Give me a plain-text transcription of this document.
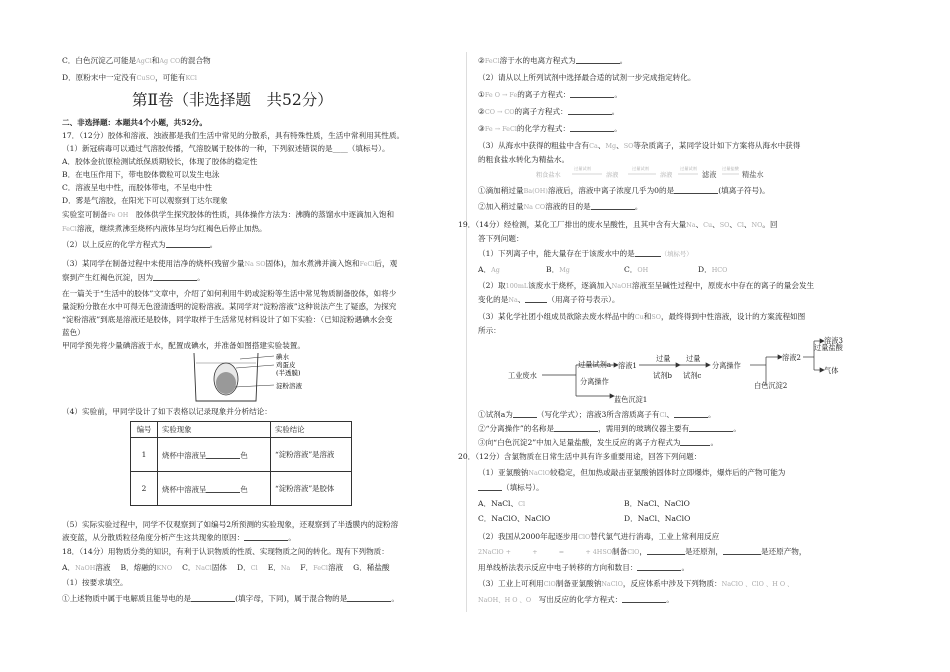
C．白色沉淀乙可能是AgCl和Ag CO的混合物
D．原粉末中一定没有CuSO，可能有KCl
第Ⅱ卷（非选择题　共52分）
二、非选择题：本题共4个小题，共52分。
17．（12分）胶体和溶液、浊液都是我们生活中常见的分散系，具有特殊性质，生活中常利用其性质。
（1）新冠病毒可以通过气溶胶传播，气溶胶属于胶体的一种，下列叙述错误的是____（填标号）。
A．胶体金抗原检测试纸保质期较长，体现了胶体的稳定性
B．在电压作用下，带电胶体微粒可以发生电泳
C．溶液呈电中性，而胶体带电，不呈电中性
D．雾是气溶胶，在阳光下可以观察到丁达尔现象
实验室可制备Fe OH　 胶体供学生探究胶体的性质，具体操作方法为：沸腾的蒸馏水中逐滴加入饱和
FeCl溶液，继续煮沸至烧杯内液体呈均匀红褐色后停止加热。
（2）以上反应的化学方程式为	。
（3）某同学在制备过程中未使用洁净的烧杯(残留少量Na SO固体)，加水煮沸并滴入饱和FeCl后，观
察到产生红褐色沉淀，因为	。
在一篇关于“生活中的胶体”文章中，介绍了如何利用牛奶或淀粉等生活中常见物质制备胶体，如将少
量淀粉分散在水中可得无色澄清透明的淀粉溶液。某同学对“淀粉溶液”这种说法产生了疑惑，为探究
“淀粉溶液”到底是溶液还是胶体，同学取样于生活常见材料设计了如下实验：（已知淀粉遇碘水会变
蓝色）
甲同学预先将少量碘溶液于水，配置成碘水，并准备如图搭建实验装置。
碘水
鸡蛋皮
(半透膜)
淀粉溶液
（4）实验前，甲同学设计了如下表格以记录现象并分析结论：
编号	实验现象	实验结论
1	烧杯中溶液呈 色	“淀粉溶液”是溶液
2	烧杯中溶液呈 色	“淀粉溶液”是胶体
（5）实际实验过程中，同学不仅观察到了如编号2所预测的实验现象，还观察到了半透膜内的淀粉溶
液变蓝，从分散质粒径角度分析产生这共现象的原因：	。
18．（14分）用物质分类的知识，有利于认识物质的性质、实现物质之间的转化。现有下列物质：
A．NaOH溶液　 B．熔融的KNO　 C．NaCl固体　 D．Cl　 E．Na　 F．FeCl溶液　 G．稀盐酸
（1）按要求填空。
①上述物质中属于电解质且能导电的是	(填字母，下同)，属于混合物的是	。
②FeCl溶于水的电离方程式为	。
（2）请从以上所列试剂中选择最合适的试剂一步完成指定转化。
①Fe O → Fe的离子方程式：	。
②CO → CO的离子方程式：	。
③Fe → FeCl的化学方程式：	。
（3）从海水中获得的粗盐中含有Ca、Mg、SO等杂质离子，某同学设计如下方案将从海水中获得
的粗食盐水转化为精盐水。
粗食盐水
过量试剂
溶液
过量试剂
溶液
过量试剂
滤液
过量盐酸
精盐水
①滴加稍过量Ba(OH)溶液后，溶液中离子浓度几乎为0的是	(填离子符号)。
②加入稍过量Na CO溶液的目的是	。
19．（14分）经检测，某化工厂排出的废水呈酸性，且其中含有大量Na、Cu、SO、Cl、NO。回
答下列问题：
（1）下列离子中，能大量存在于该废水中的是	（填标号）
A．Ag	B．Mg	C．OH	D．HCO
（2）取100mL该废水于烧杯，逐滴加入NaOH溶液至呈碱性过程中，原废水中存在的离子的量会发生
变化的是Na、	（用离子符号表示）。
（3）某化学社团小组成员欲除去废水样品中的Cu和SO，最终得到中性溶液，设计的方案流程如图
所示：
工业废水
过量试剂a
分离操作
溶液1
蓝色沉淀1
过量
试剂b
过量
试剂c
分离操作
溶液2
白色沉淀2
过量盐酸
溶液3
气体
①试剂a为	（写化学式）；溶液3所含溶质离子有Cl、	。
②“分离操作”的名称是	，需用到的玻璃仪器主要有	。
③向“白色沉淀2”中加入足量盐酸，发生反应的离子方程式为	。
20．（12分）含氯物质在日常生活中具有许多重要用途，回答下列问题：
（1）亚氯酸钠NaClO较稳定，但加热或敲击亚氯酸钠固体时立即爆炸，爆炸后的产物可能为
（填标号）。
A．NaCl、Cl	B．NaCl、NaClO
C．NaClO、NaClO	D．NaCl、NaClO
（2）我国从2000年起逐步用ClO替代氯气进行消毒，工业上常利用反应
2NaClO + 　　　+ 　　　= 　　　+ 4HSO制备ClO，	是还原剂，	是还原产物，
用单线桥法表示反应中电子转移的方向和数目：	。
（3）工业上可利用ClO制备亚氯酸钠NaClO，反应体系中涉及下列物质：NaClO 、ClO 、H O 、
NaOH、H O 、O　 写出反应的化学方程式：	。
